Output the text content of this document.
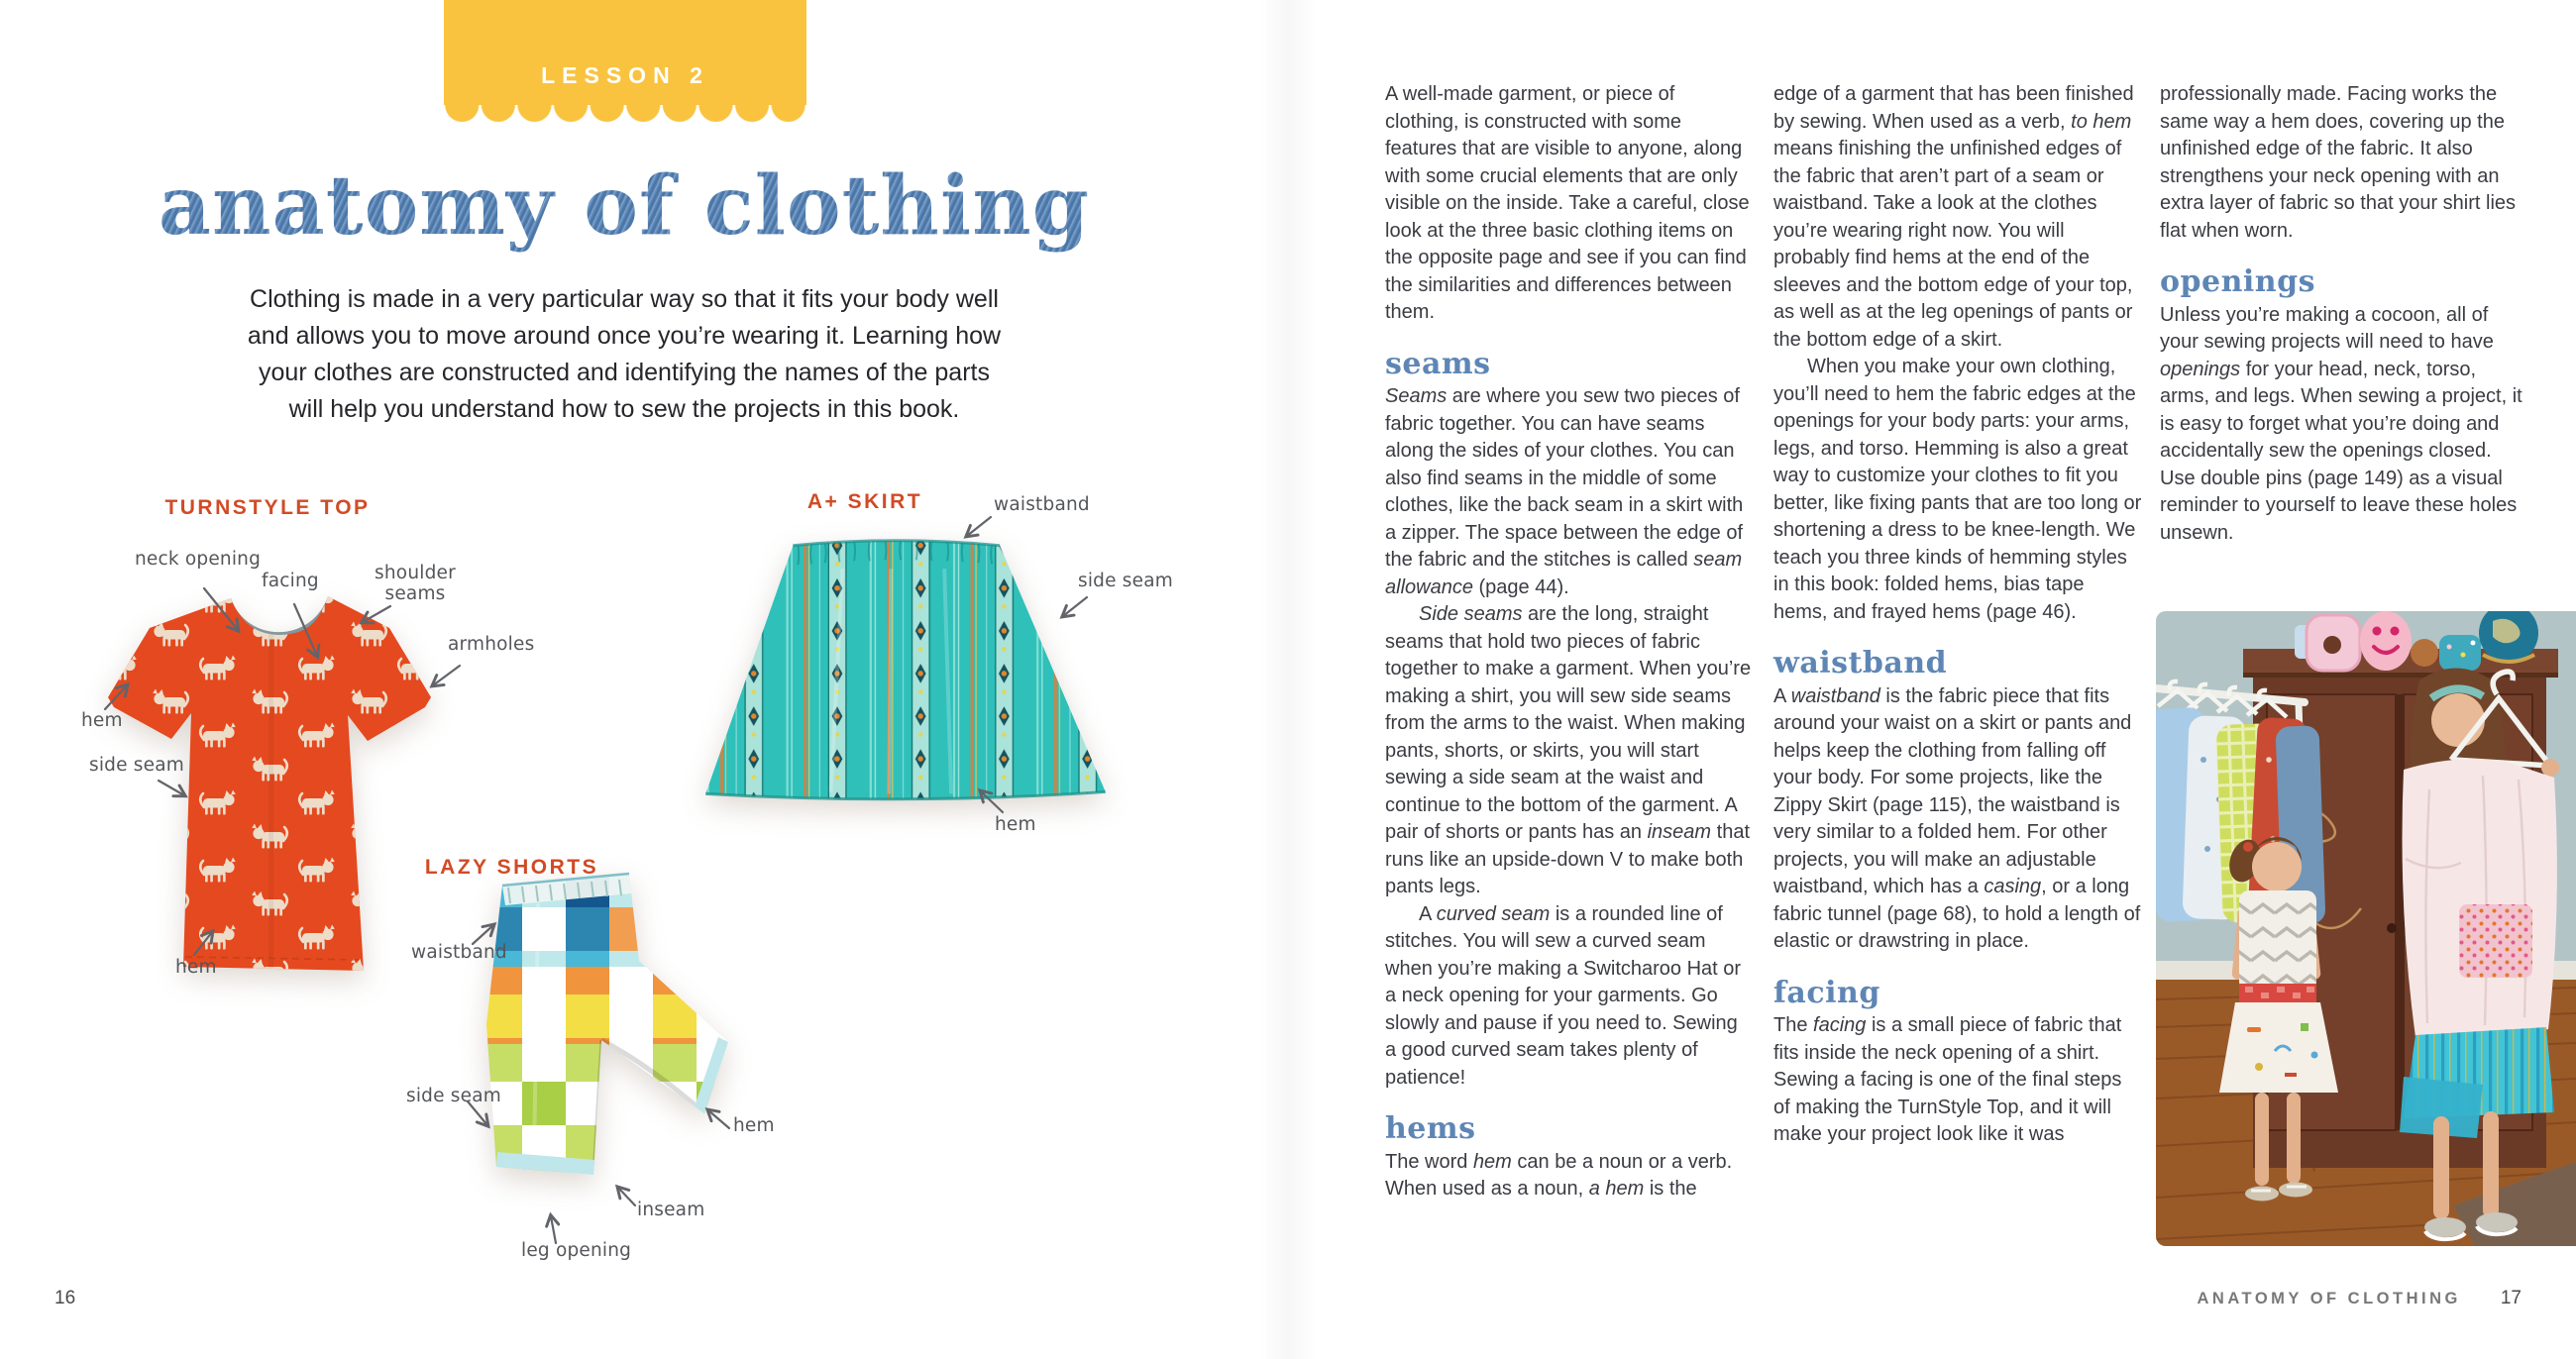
LESSON 2
anatomy of clothing
Clothing is made in a very particular way so that it fits your body well
and allows you to move around once you’re wearing it. Learning how
your clothes are constructed and identifying the names of the parts
will help you understand how to sew the projects in this book.
TURNSTYLE TOP	A+ SKIRT
LAZY SHORTS
neck opening
facing	shoulder seams
armholes
hem
side seam
hem
waistband
side seam
hem
waistband
side seam
hem
inseam
leg opening
16

A well-made garment, or piece of clothing, is constructed with some features that are visible to anyone, along with some crucial elements that are only visible on the inside. Take a careful, close look at the three basic clothing items on the opposite page and see if you can find the similarities and differences between them.

seams

Seams are where you sew two pieces of fabric together. You can have seams along the sides of your clothes. You can also find seams in the middle of some clothes, like the back seam in a skirt with a zipper. The space between the edge of the fabric and the stitches is called seam allowance (page 44).

Side seams are the long, straight seams that hold two pieces of fabric together to make a garment. When you’re making a shirt, you will sew side seams from the arms to the waist. When making pants, shorts, or skirts, you will start sewing a side seam at the waist and continue to the bottom of the garment. A pair of shorts or pants has an inseam that runs like an upside-down V to make both pants legs.

A curved seam is a rounded line of stitches. You will sew a curved seam when you’re making a Switcharoo Hat or a neck opening for your garments. Go slowly and pause if you need to. Sewing a good curved seam takes plenty of patience!

hems

The word hem can be a noun or a verb. When used as a noun, a hem is the

edge of a garment that has been finished by sewing. When used as a verb, to hem means finishing the unfinished edges of the fabric that aren’t part of a seam or waistband. Take a look at the clothes you’re wearing right now. You will probably find hems at the end of the sleeves and the bottom edge of your top, as well as at the leg openings of pants or the bottom edge of a skirt.

When you make your own clothing, you’ll need to hem the fabric edges at the openings for your body parts: your arms, legs, and torso. Hemming is also a great way to customize your clothes to fit you better, like fixing pants that are too long or shortening a dress to be knee-length. We teach you three kinds of hemming styles in this book: folded hems, bias tape hems, and frayed hems (page 46).

waistband

A waistband is the fabric piece that fits around your waist on a skirt or pants and helps keep the clothing from falling off your body. For some projects, like the Zippy Skirt (page 115), the waistband is very similar to a folded hem. For other projects, you will make an adjustable waistband, which has a casing, or a long fabric tunnel (page 68), to hold a length of elastic or drawstring in place.

facing

The facing is a small piece of fabric that fits inside the neck opening of a shirt. Sewing a facing is one of the final steps of making the TurnStyle Top, and it will make your project look like it was

professionally made. Facing works the same way a hem does, covering up the unfinished edge of the fabric. It also strengthens your neck opening with an extra layer of fabric so that your shirt lies flat when worn.

openings

Unless you’re making a cocoon, all of your sewing projects will need to have openings for your head, neck, torso, arms, and legs. When sewing a project, it is easy to forget what you’re doing and accidentally sew the openings closed. Use double pins (page 149) as a visual reminder to yourself to leave these holes unsewn.

ANATOMY OF CLOTHING 17
